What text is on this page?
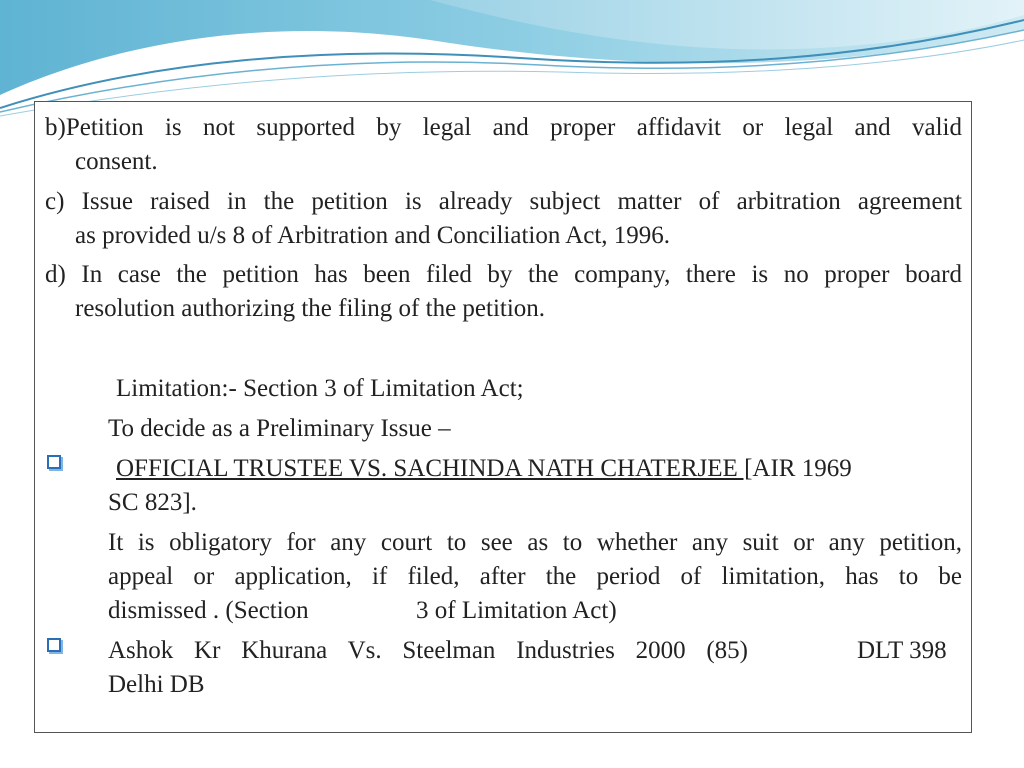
b)Petition is not supported by legal and proper affidavit or legal and valid
consent.
c) Issue raised in the petition is already subject matter of arbitration agreement
as provided u/s 8 of Arbitration and Conciliation Act, 1996.
d) In case the petition has been filed by the company, there is no proper board
resolution authorizing the filing of the petition.
Limitation:- Section 3 of Limitation Act;
To decide as a Preliminary Issue –
OFFICIAL TRUSTEE VS. SACHINDA NATH CHATERJEE [AIR 1969
SC 823].
It is obligatory for any court to see as to whether any suit or any petition,
appeal or application, if filed, after the period of limitation, has to be
dismissed . (Section	3 of Limitation Act)
Ashok Kr Khurana Vs. Steelman Industries 2000 (85)	DLT 398
Delhi DB
